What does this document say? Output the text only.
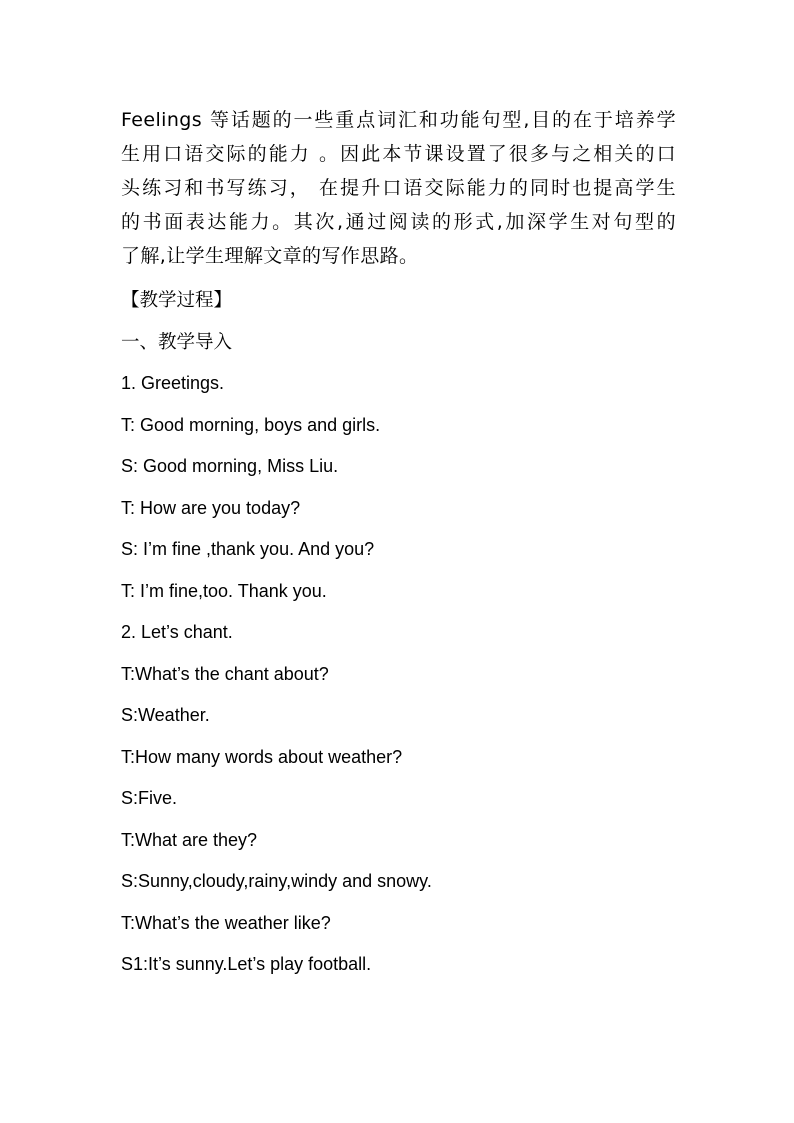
Feelings 等话题的一些重点词汇和功能句型,目的在于培养学
生用口语交际的能力 。因此本节课设置了很多与之相关的口
头练习和书写练习， 在提升口语交际能力的同时也提高学生
的书面表达能力。其次,通过阅读的形式,加深学生对句型的
了解,让学生理解文章的写作思路。
【教学过程】
一、教学导入
1. Greetings.
T: Good morning, boys and girls.
S: Good morning, Miss Liu.
T: How are you today?
S: I’m fine ,thank you. And you?
T: I’m fine,too. Thank you.
2. Let’s chant.
T:What’s the chant about?
S:Weather.
T:How many words about weather?
S:Five.
T:What are they?
S:Sunny,cloudy,rainy,windy and snowy.
T:What’s the weather like?
S1:It’s sunny.Let’s play football.
